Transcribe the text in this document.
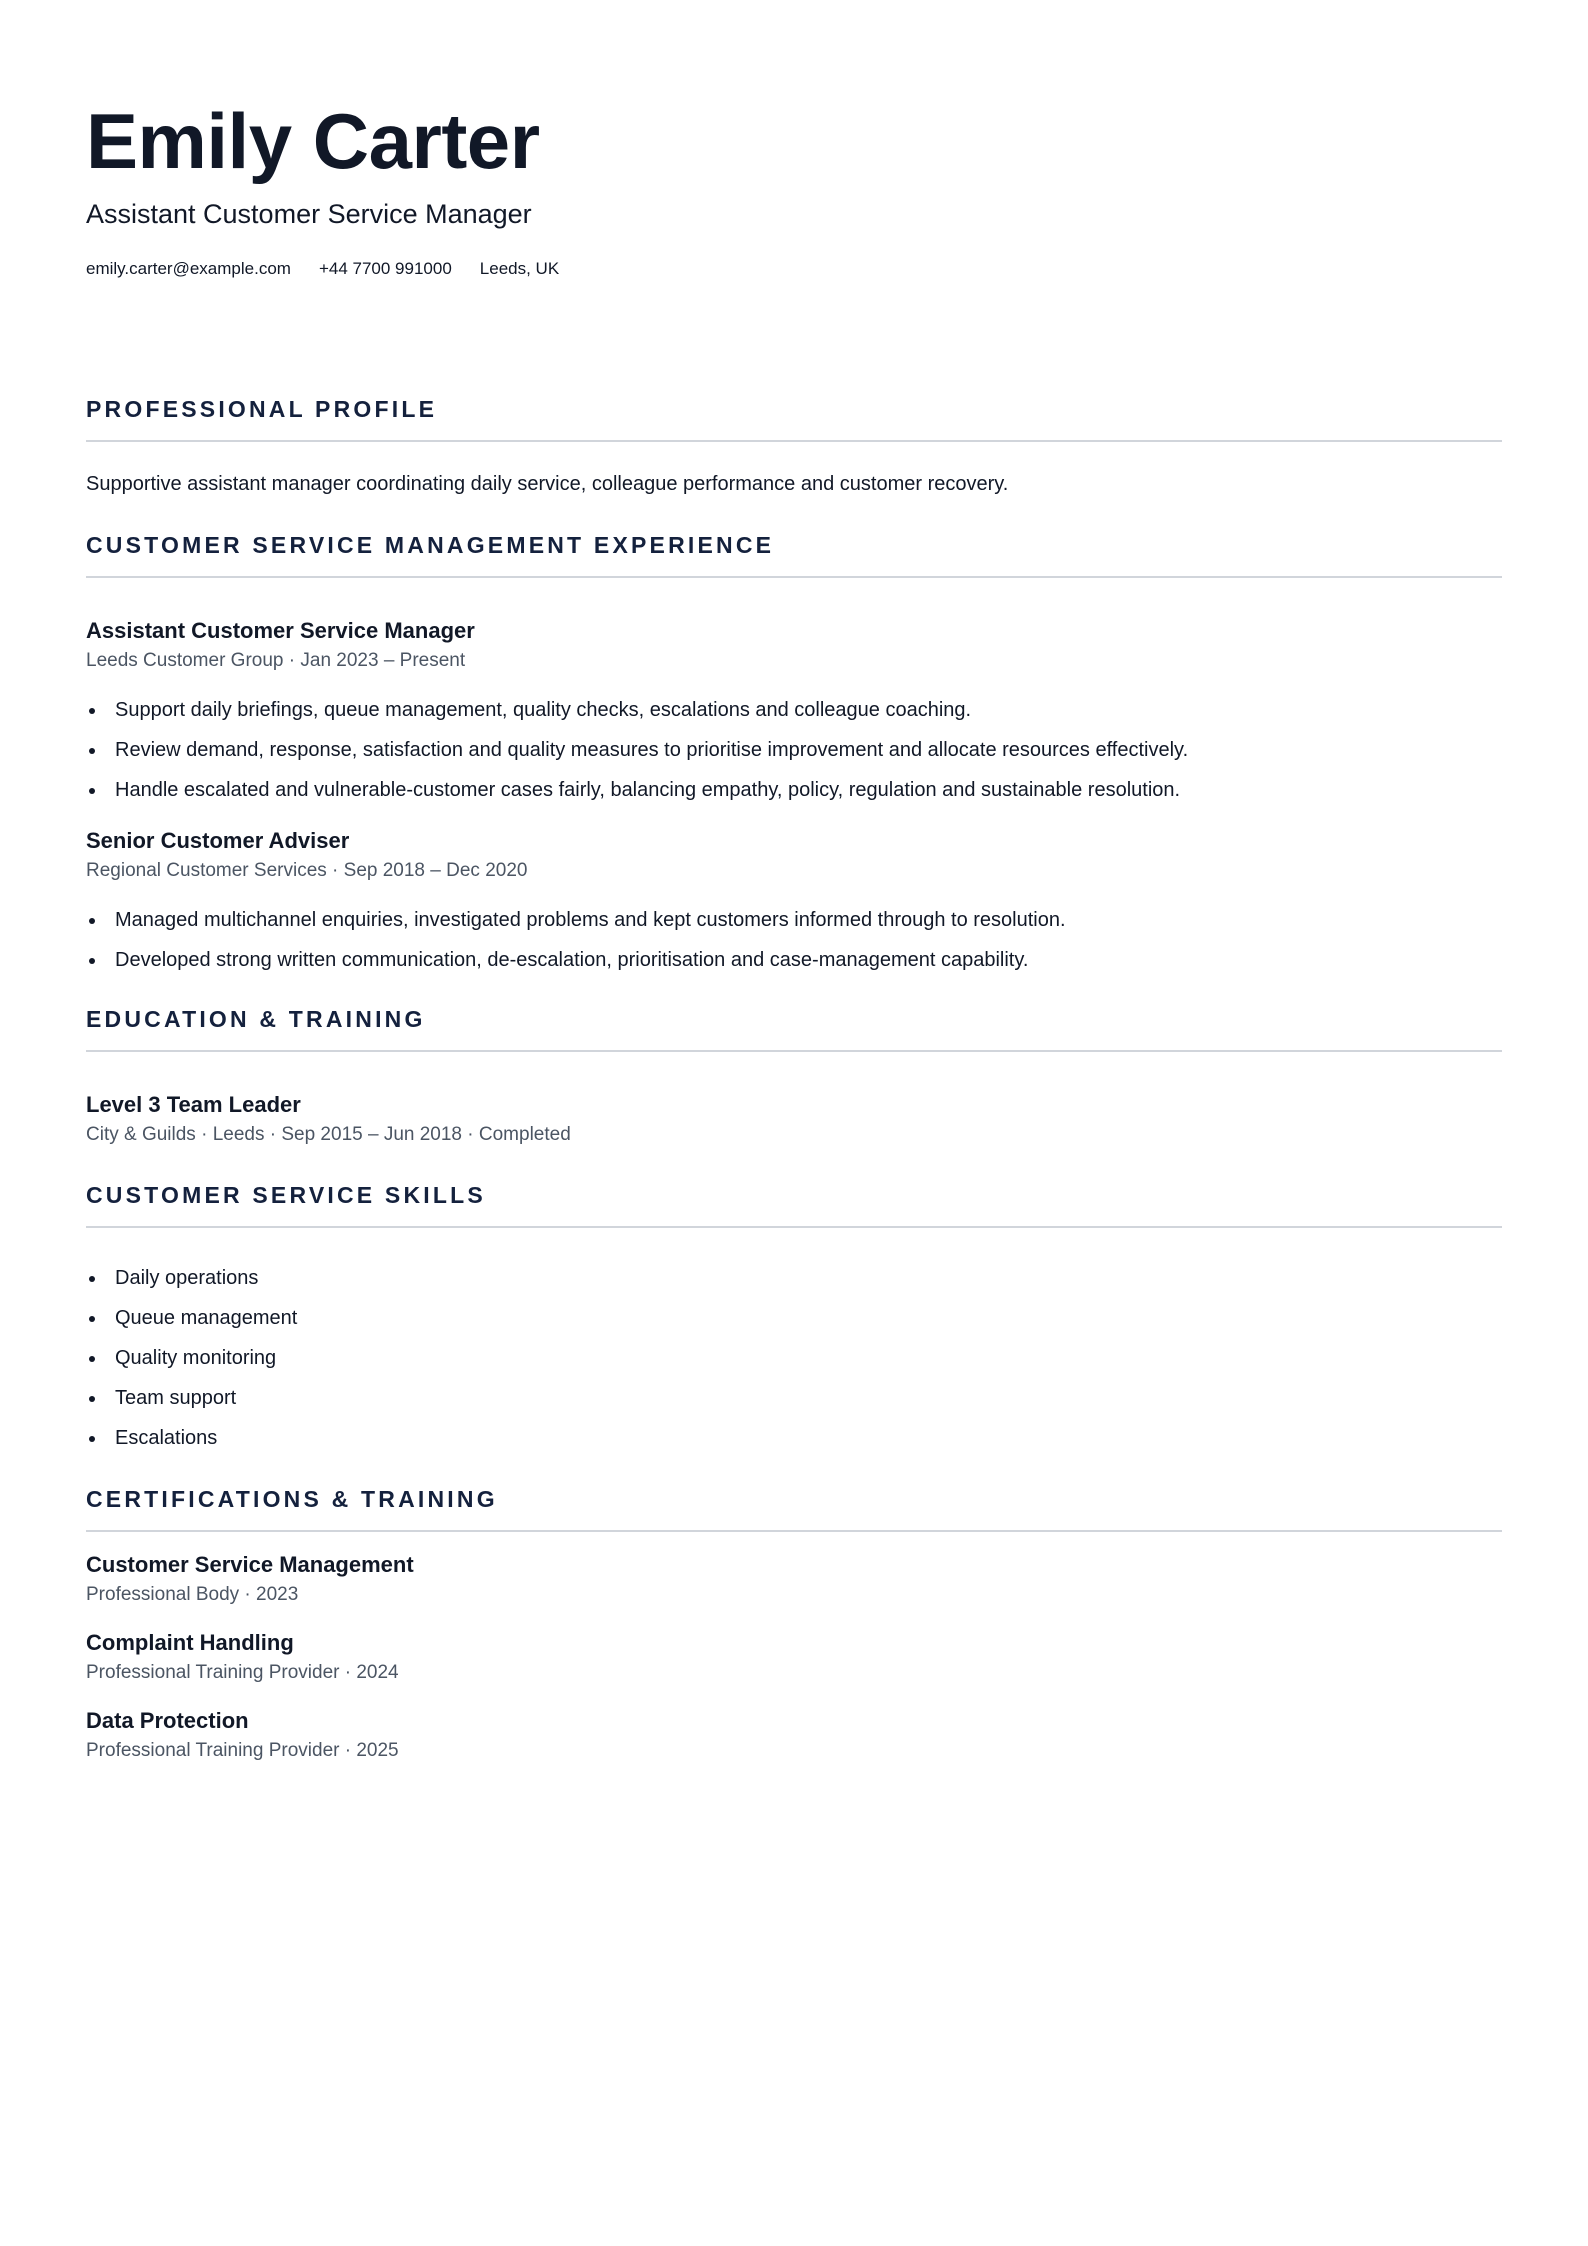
Emily Carter
Assistant Customer Service Manager
emily.carter@example.com +44 7700 991000 Leeds, UK
PROFESSIONAL PROFILE

Supportive assistant manager coordinating daily service, colleague performance and customer recovery.

CUSTOMER SERVICE MANAGEMENT EXPERIENCE
Assistant Customer Service Manager

Leeds Customer Group · Jan 2023 – Present

Support daily briefings, queue management, quality checks, escalations and colleague coaching.
Review demand, response, satisfaction and quality measures to prioritise improvement and allocate resources effectively.
Handle escalated and vulnerable-customer cases fairly, balancing empathy, policy, regulation and sustainable resolution.
Senior Customer Adviser

Regional Customer Services · Sep 2018 – Dec 2020

Managed multichannel enquiries, investigated problems and kept customers informed through to resolution.
Developed strong written communication, de-escalation, prioritisation and case-management capability.
EDUCATION & TRAINING
Level 3 Team Leader

City & Guilds · Leeds · Sep 2015 – Jun 2018 · Completed

CUSTOMER SERVICE SKILLS
Daily operations
Queue management
Quality monitoring
Team support
Escalations
CERTIFICATIONS & TRAINING
Customer Service Management

Professional Body · 2023

Complaint Handling

Professional Training Provider · 2024

Data Protection

Professional Training Provider · 2025
